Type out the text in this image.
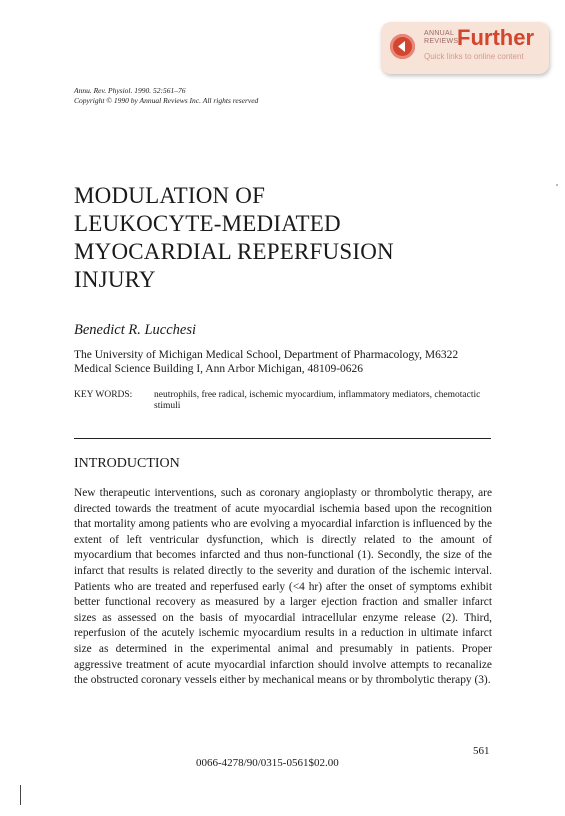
ANNUAL
REVIEWS
Further
Quick links to online content
Annu. Rev. Physiol. 1990. 52:561–76
Copyright © 1990 by Annual Reviews Inc. All rights reserved
MODULATION OF
LEUKOCYTE-MEDIATED
MYOCARDIAL REPERFUSION
INJURY
Benedict R. Lucchesi
The University of Michigan Medical School, Department of Pharmacology, M6322
Medical Science Building I, Ann Arbor Michigan, 48109-0626
KEY WORDS: neutrophils, free radical, ischemic myocardium, inflammatory mediators, chemotactic stimuli
INTRODUCTION
New therapeutic interventions, such as coronary angioplasty or thrombolytic therapy, are directed towards the treatment of acute myocardial ischemia based upon the recognition that mortality among patients who are evolving a myocardial infarction is influenced by the extent of left ventricular dysfunction, which is directly related to the amount of myocardium that becomes infarcted and thus non-functional (1). Secondly, the size of the infarct that results is related directly to the severity and duration of the ischemic interval. Patients who are treated and reperfused early (<4 hr) after the onset of symptoms exhibit better functional recovery as measured by a larger ejection fraction and smaller infarct sizes as assessed on the basis of myocardial intracellular enzyme release (2). Third, reperfusion of the acutely ischemic myocardium results in a reduction in ultimate infarct size as determined in the experimental animal and presumably in patients. Proper aggressive treatment of acute myocardial infarction should involve attempts to recanalize the obstructed coronary vessels either by mechanical means or by thrombolytic therapy (3).
561
0066-4278/90/0315-0561$02.00
